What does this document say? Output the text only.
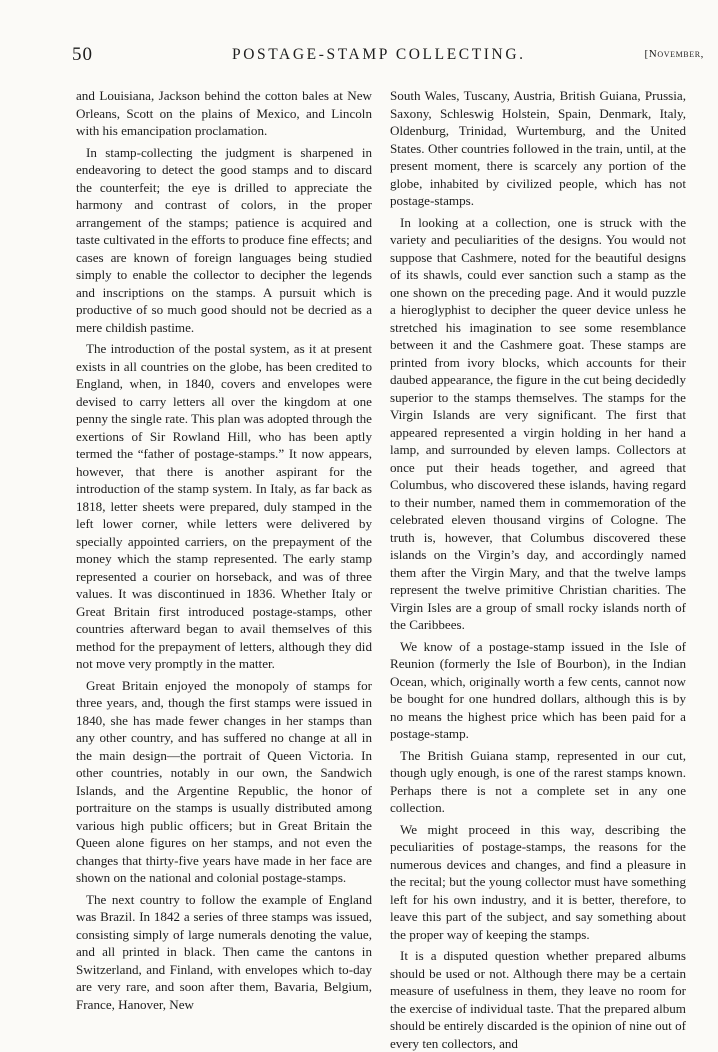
50	POSTAGE-STAMP COLLECTING.	[November,

and Louisiana, Jackson behind the cotton bales at New Orleans, Scott on the plains of Mexico, and Lincoln with his emancipation proclamation.

In stamp-collecting the judgment is sharpened in endeavoring to detect the good stamps and to discard the counterfeit; the eye is drilled to appreciate the harmony and contrast of colors, in the proper arrangement of the stamps; patience is acquired and taste cultivated in the efforts to produce fine effects; and cases are known of foreign languages being studied simply to enable the collector to decipher the legends and inscriptions on the stamps. A pursuit which is productive of so much good should not be decried as a mere childish pastime.

The introduction of the postal system, as it at present exists in all countries on the globe, has been credited to England, when, in 1840, covers and envelopes were devised to carry letters all over the kingdom at one penny the single rate. This plan was adopted through the exertions of Sir Rowland Hill, who has been aptly termed the “father of postage-stamps.” It now appears, however, that there is another aspirant for the introduction of the stamp system. In Italy, as far back as 1818, letter sheets were prepared, duly stamped in the left lower corner, while letters were delivered by specially appointed carriers, on the prepayment of the money which the stamp represented. The early stamp represented a courier on horseback, and was of three values. It was discontinued in 1836. Whether Italy or Great Britain first introduced postage-stamps, other countries afterward began to avail themselves of this method for the prepayment of letters, although they did not move very promptly in the matter.

Great Britain enjoyed the monopoly of stamps for three years, and, though the first stamps were issued in 1840, she has made fewer changes in her stamps than any other country, and has suffered no change at all in the main design—the portrait of Queen Victoria. In other countries, notably in our own, the Sandwich Islands, and the Argentine Republic, the honor of portraiture on the stamps is usually distributed among various high public officers; but in Great Britain the Queen alone figures on her stamps, and not even the changes that thirty-five years have made in her face are shown on the national and colonial postage-stamps.

The next country to follow the example of England was Brazil. In 1842 a series of three stamps was issued, consisting simply of large numerals denoting the value, and all printed in black. Then came the cantons in Switzerland, and Finland, with envelopes which to-day are very rare, and soon after them, Bavaria, Belgium, France, Hanover, New

South Wales, Tuscany, Austria, British Guiana, Prussia, Saxony, Schleswig Holstein, Spain, Denmark, Italy, Oldenburg, Trinidad, Wurtemburg, and the United States. Other countries followed in the train, until, at the present moment, there is scarcely any portion of the globe, inhabited by civilized people, which has not postage-stamps.

In looking at a collection, one is struck with the variety and peculiarities of the designs. You would not suppose that Cashmere, noted for the beautiful designs of its shawls, could ever sanction such a stamp as the one shown on the preceding page. And it would puzzle a hieroglyphist to decipher the queer device unless he stretched his imagination to see some resemblance between it and the Cashmere goat. These stamps are printed from ivory blocks, which accounts for their daubed appearance, the figure in the cut being decidedly superior to the stamps themselves. The stamps for the Virgin Islands are very significant. The first that appeared represented a virgin holding in her hand a lamp, and surrounded by eleven lamps. Collectors at once put their heads together, and agreed that Columbus, who discovered these islands, having regard to their number, named them in commemoration of the celebrated eleven thousand virgins of Cologne. The truth is, however, that Columbus discovered these islands on the Virgin’s day, and accordingly named them after the Virgin Mary, and that the twelve lamps represent the twelve primitive Christian charities. The Virgin Isles are a group of small rocky islands north of the Caribbees.

We know of a postage-stamp issued in the Isle of Reunion (formerly the Isle of Bourbon), in the Indian Ocean, which, originally worth a few cents, cannot now be bought for one hundred dollars, although this is by no means the highest price which has been paid for a postage-stamp.

The British Guiana stamp, represented in our cut, though ugly enough, is one of the rarest stamps known. Perhaps there is not a complete set in any one collection.

We might proceed in this way, describing the peculiarities of postage-stamps, the reasons for the numerous devices and changes, and find a pleasure in the recital; but the young collector must have something left for his own industry, and it is better, therefore, to leave this part of the subject, and say something about the proper way of keeping the stamps.

It is a disputed question whether prepared albums should be used or not. Although there may be a certain measure of usefulness in them, they leave no room for the exercise of individual taste. That the prepared album should be entirely discarded is the opinion of nine out of every ten collectors, and
